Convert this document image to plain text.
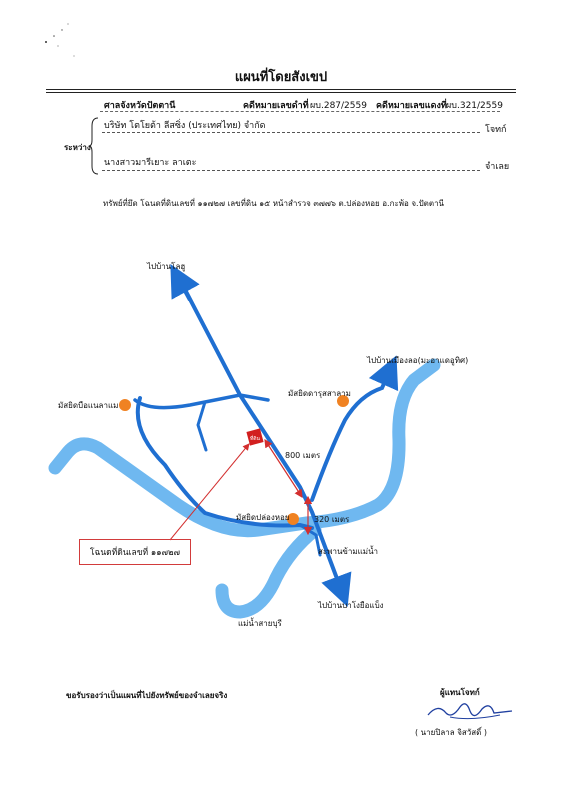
แผนที่โดยสังเขป
ศาลจังหวัดปัตตานี	คดีหมายเลขดำที่ ผบ.287/2559 คดีหมายเลขแดงที่ ผบ.321/2559
ระหว่าง
บริษัท โตโยต้า ลีสซิ่ง (ประเทศไทย) จำกัด	โจทก์
นางสาวมารีเยาะ ลาเตะ	จำเลย
ทรัพย์ที่ยึด โฉนดที่ดินเลขที่ ๑๑๗๒๗ เลขที่ดิน ๑๕ หน้าสำรวจ ๓๗๗๖ ต.ปล่องหอย อ.กะพ้อ จ.ปัตตานี
ที่ดิน
ไปบ้านโลฮู
ไปบ้านเมืองลอ(มะอาแดอูทิศ)
มัสยิดบือแนลาแม
มัสยิดดารุสสาลาม
800 เมตร
มัสยิดปล่องหอย	320 เมตร
สะพานข้ามแม่น้ำ
ไปบ้านบาโงยือแบ็ง
แม่น้ำสายบุรี
โฉนดที่ดินเลขที่ ๑๑๗๒๗
ขอรับรองว่าเป็นแผนที่ไปยังทรัพย์ของจำเลยจริง	ผู้แทนโจทก์
( นายปิลาล จิสวัสดิ์ )
